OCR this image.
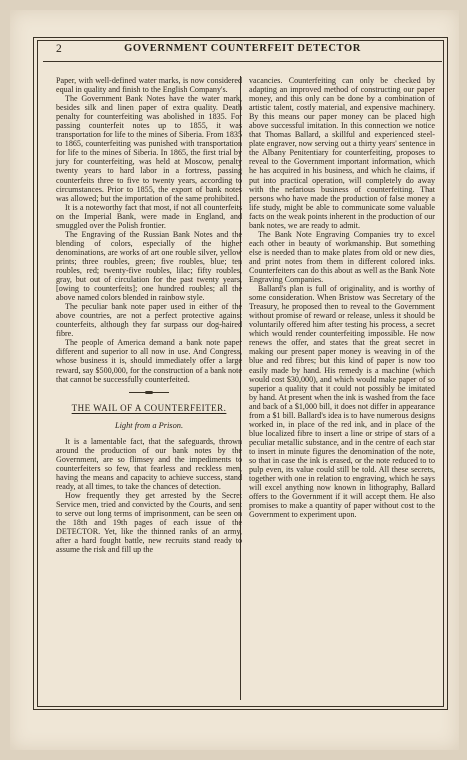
2	GOVERNMENT COUNTERFEIT DETECTOR

Paper, with well-defined water marks, is now considered equal in quality and finish to the English Company's.

The Government Bank Notes have the water mark, besides silk and linen paper of extra quality. Death penalty for counterfeiting was abolished in 1835. For passing counterfeit notes up to 1855, it was transportation for life to the mines of Siberia. From 1835 to 1865, counterfeiting was punished with transportation for life to the mines of Siberia. In 1865, the first trial by jury for counterfeiting, was held at Moscow, penalty twenty years to hard labor in a fortress, passing counterfeits three to five to twenty years, according to circumstances. Prior to 1855, the export of bank notes was allowed; but the importation of the same prohibited.

It is a noteworthy fact that most, if not all counterfeits on the Imperial Bank, were made in England, and smuggled over the Polish frontier.

The Engraving of the Russian Bank Notes and the blending of colors, especially of the higher denominations, are works of art one rouble silver, yellow prints; three roubles, green; five roubles, blue; ten roubles, red; twenty-five roubles, lilac; fifty roubles, gray, but out of circulation for the past twenty years, [owing to counterfeits]; one hundred roubles; all the above named colors blended in rainbow style.

The peculiar bank note paper used in either of the above countries, are not a perfect protective against counterfeits, although they far surpass our dog-haired fibre.

The people of America demand a bank note paper different and superior to all now in use. And Congress, whose business it is, should immediately offer a large reward, say $500,000, for the construction of a bank note that cannot be successfully counterfeited.

THE WAIL OF A COUNTERFEITER.
Light from a Prison.

It is a lamentable fact, that the safeguards, thrown around the production of our bank notes by the Government, are so flimsey and the impediments to counterfeiters so few, that fearless and reckless men, having the means and capacity to achieve success, stand ready, at all times, to take the chances of detection.

How frequently they get arrested by the Secret Service men, tried and convicted by the Courts, and sent to serve out long terms of imprisonment, can be seen on the 18th and 19th pages of each issue of the DETECTOR. Yet, like the thinned ranks of an army, after a hard fought battle, new recruits stand ready to assume the risk and fill up the

vacancies. Counterfeiting can only be checked by adapting an improved method of constructing our paper money, and this only can be done by a combination of artistic talent, costly material, and expensive machinery. By this means our paper money can be placed high above successful imitation. In this connection we notice that Thomas Ballard, a skillful and experienced steel-plate engraver, now serving out a thirty years' sentence in the Albany Penitentiary for counterfeiting, proposes to reveal to the Government important information, which he has acquired in his business, and which he claims, if put into practical operation, will completely do away with the nefarious business of counterfeiting. That persons who have made the production of false money a life study, might be able to communicate some valuable facts on the weak points inherent in the production of our bank notes, we are ready to admit.

The Bank Note Engraving Companies try to excel each other in beauty of workmanship. But something else is needed than to make plates from old or new dies, and print notes from them in different colored inks. Counterfeiters can do this about as well as the Bank Note Engraving Companies.

Ballard's plan is full of originality, and is worthy of some consideration. When Bristow was Secretary of the Treasury, he proposed then to reveal to the Government without promise of reward or release, unless it should be voluntarily offered him after testing his process, a secret which would render counterfeiting impossible. He now renews the offer, and states that the great secret in making our present paper money is weaving in of the blue and red fibres; but this kind of paper is now too easily made by hand. His remedy is a machine (which would cost $30,000), and which would make paper of so superior a quality that it could not possibly be imitated by hand. At present when the ink is washed from the face and back of a $1,000 bill, it does not differ in appearance from a $1 bill. Ballard's idea is to have numerous designs worked in, in place of the red ink, and in place of the blue localized fibre to insert a line or stripe of stars of a peculiar metallic substance, and in the centre of each star to insert in minute figures the denomination of the note, so that in case the ink is erased, or the note reduced to to pulp even, its value could still be told. All these secrets, together with one in relation to engraving, which he says will excel anything now known in lithography, Ballard offers to the Government if it will accept them. He also promises to make a quantity of paper without cost to the Government to experiment upon.
